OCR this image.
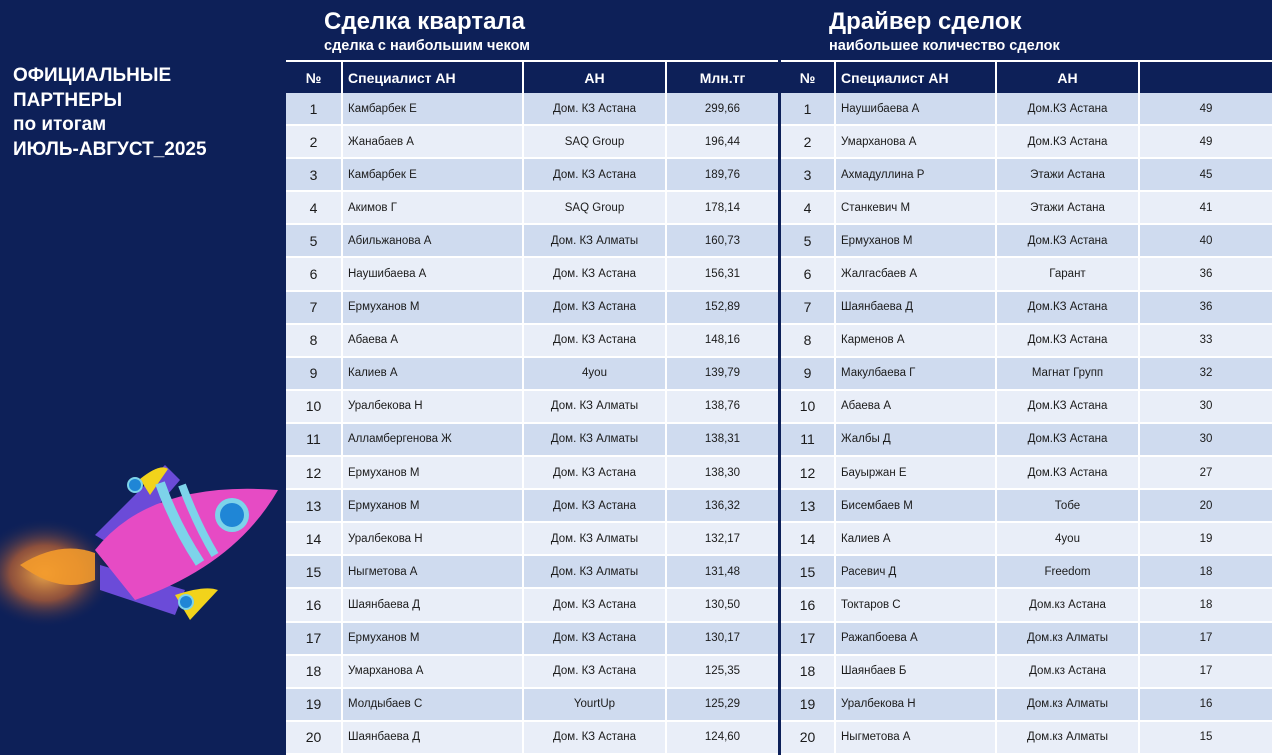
ОФИЦИАЛЬНЫЕ
ПАРТНЕРЫ
по итогам
ИЮЛЬ-АВГУСТ_2025
Сделка квартала
сделка с наибольшим чеком
№	Специалист АН	АН	Млн.тг
1	Камбарбек Е	Дом. КЗ Астана	299,66
2	Жанабаев А	SAQ Group	196,44
3	Камбарбек Е	Дом. КЗ Астана	189,76
4	Акимов Г	SAQ Group	178,14
5	Абильжанова А	Дом. КЗ Алматы	160,73
6	Наушибаева А	Дом. КЗ Астана	156,31
7	Ермуханов М	Дом. КЗ Астана	152,89
8	Абаева А	Дом. КЗ Астана	148,16
9	Калиев А	4you	139,79
10	Уралбекова Н	Дом. КЗ Алматы	138,76
11	Алламбергенова Ж	Дом. КЗ Алматы	138,31
12	Ермуханов М	Дом. КЗ Астана	138,30
13	Ермуханов М	Дом. КЗ Астана	136,32
14	Уралбекова Н	Дом. КЗ Алматы	132,17
15	Ныгметова А	Дом. КЗ Алматы	131,48
16	Шаянбаева Д	Дом. КЗ Астана	130,50
17	Ермуханов М	Дом. КЗ Астана	130,17
18	Умарханова А	Дом. КЗ Астана	125,35
19	Молдыбаев С	YourtUp	125,29
20	Шаянбаева Д	Дом. КЗ Астана	124,60
Драйвер сделок
наибольшее количество сделок
№	Специалист АН	АН	
1	Наушибаева А	Дом.КЗ Астана	49
2	Умарханова А	Дом.КЗ Астана	49
3	Ахмадуллина Р	Этажи Астана	45
4	Станкевич М	Этажи Астана	41
5	Ермуханов М	Дом.КЗ Астана	40
6	Жалгасбаев А	Гарант	36
7	Шаянбаева Д	Дом.КЗ Астана	36
8	Карменов А	Дом.КЗ Астана	33
9	Макулбаева Г	Магнат Групп	32
10	Абаева А	Дом.КЗ Астана	30
11	Жалбы Д	Дом.КЗ Астана	30
12	Бауыржан Е	Дом.КЗ Астана	27
13	Бисембаев М	Тобе	20
14	Калиев А	4you	19
15	Расевич Д	Freedom	18
16	Токтаров С	Дом.кз Астана	18
17	Ражапбоева А	Дом.кз Алматы	17
18	Шаянбаев Б	Дом.кз Астана	17
19	Уралбекова Н	Дом.кз Алматы	16
20	Ныгметова А	Дом.кз Алматы	15
